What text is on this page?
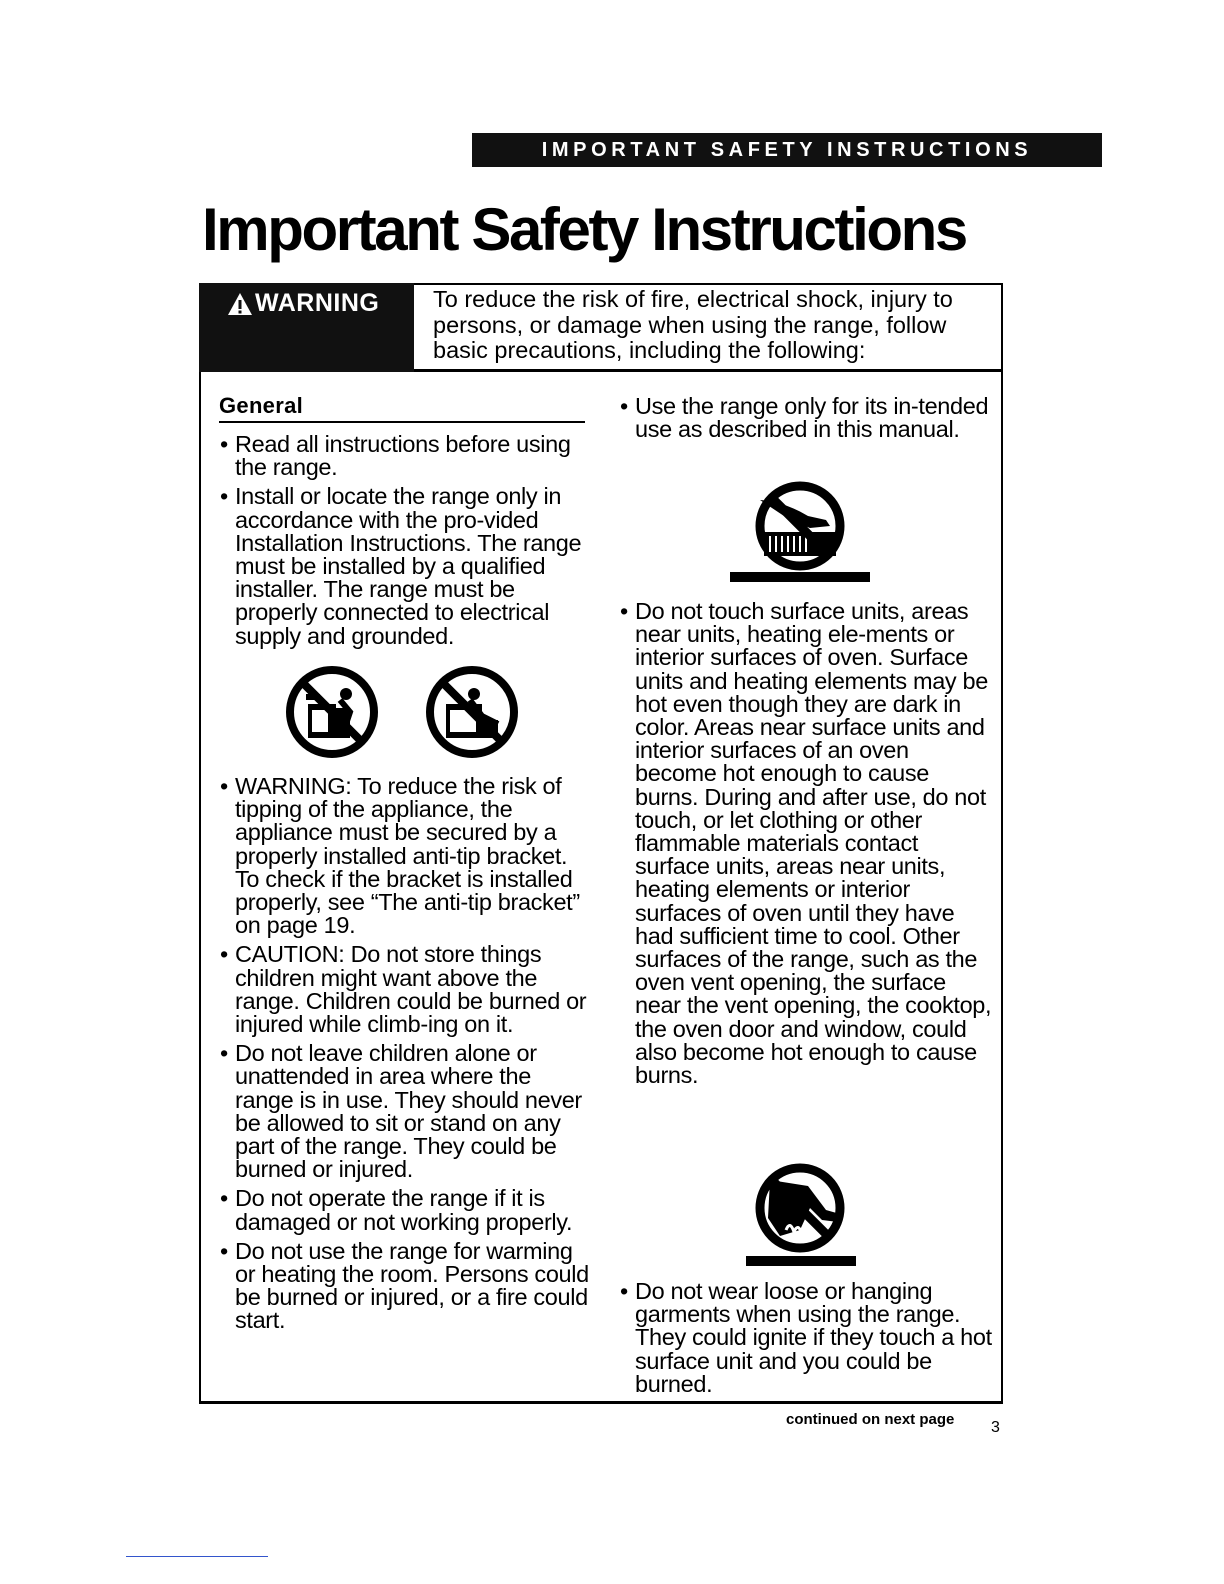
IMPORTANT SAFETY INSTRUCTIONS
Important Safety Instructions
WARNING To reduce the risk of fire, electrical shock, injury to persons, or damage when using the range, follow basic precautions, including the following:

General
• Read all instructions before using the range.
• Install or locate the range only in accordance with the pro-vided Installation Instructions. The range must be installed by a qualified installer. The range must be properly connected to electrical supply and grounded.
• WARNING: To reduce the risk of tipping of the appliance, the appliance must be secured by a properly installed anti-tip bracket. To check if the bracket is installed properly, see “The anti-tip bracket” on page 19.
• CAUTION: Do not store things children might want above the range. Children could be burned or injured while climb-ing on it.
• Do not leave children alone or unattended in area where the range is in use. They should never be allowed to sit or stand on any part of the range. They could be burned or injured.
• Do not operate the range if it is damaged or not working properly.
• Do not use the range for warming or heating the room. Persons could be burned or injured, or a fire could start.
• Use the range only for its in-tended use as described in this manual.
• Do not touch surface units, areas near units, heating ele-ments or interior surfaces of oven. Surface units and heating elements may be hot even though they are dark in color. Areas near surface units and interior surfaces of an oven become hot enough to cause burns. During and after use, do not touch, or let clothing or other flammable materials contact surface units, areas near units, heating elements or interior surfaces of oven until they have had sufficient time to cool. Other surfaces of the range, such as the oven vent opening, the surface near the vent opening, the cooktop, the oven door and window, could also become hot enough to cause burns.
• Do not wear loose or hanging garments when using the range. They could ignite if they touch a hot surface unit and you could be burned.

continued on next page 3
